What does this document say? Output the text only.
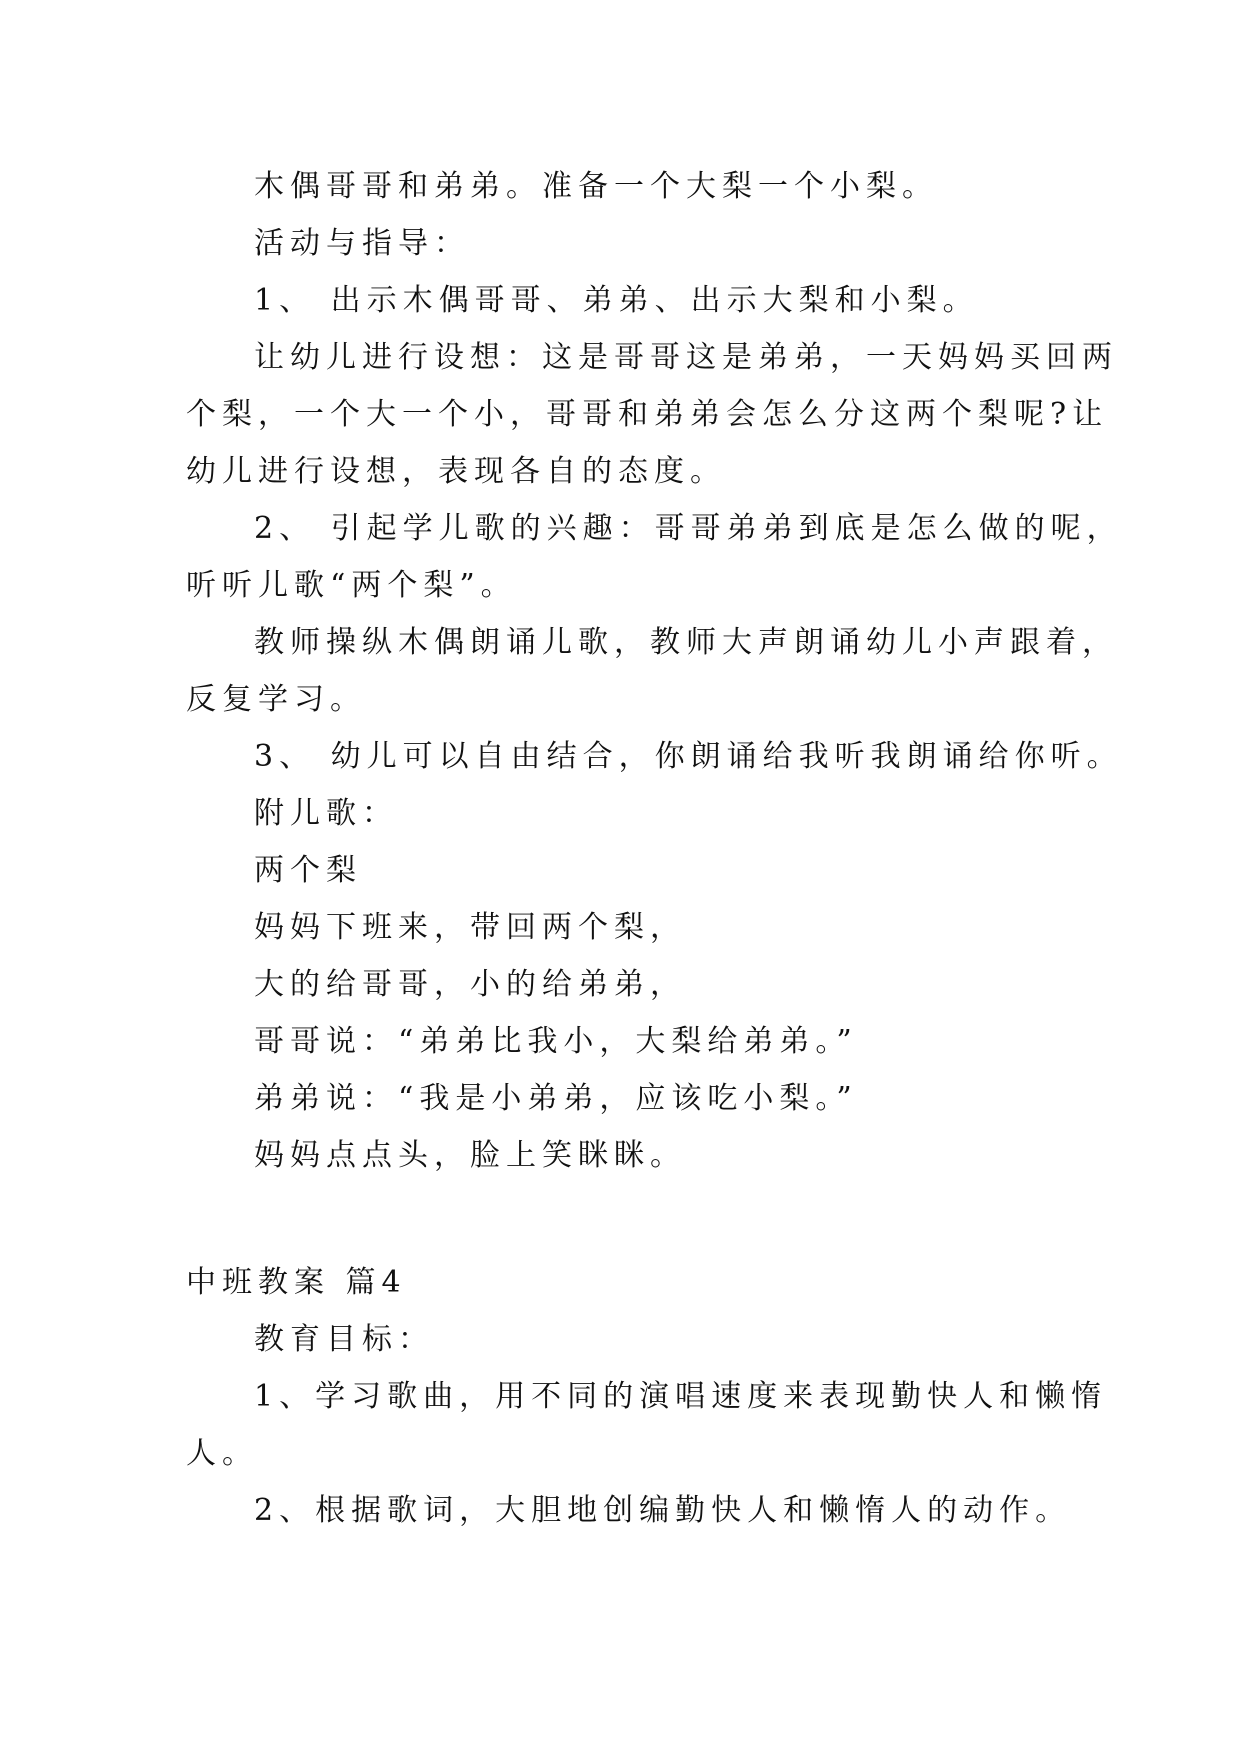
木偶哥哥和弟弟。准备一个大梨一个小梨。

活动与指导：

1、 出示木偶哥哥、弟弟、出示大梨和小梨。

让幼儿进行设想：这是哥哥这是弟弟，一天妈妈买回两

个梨，一个大一个小，哥哥和弟弟会怎么分这两个梨呢?让

幼儿进行设想，表现各自的态度。

2、 引起学儿歌的兴趣：哥哥弟弟到底是怎么做的呢，

听听儿歌“两个梨”。

教师操纵木偶朗诵儿歌，教师大声朗诵幼儿小声跟着，

反复学习。

3、 幼儿可以自由结合，你朗诵给我听我朗诵给你听。

附儿歌：

两个梨

妈妈下班来，带回两个梨，

大的给哥哥，小的给弟弟，

哥哥说：“弟弟比我小，大梨给弟弟。”

弟弟说：“我是小弟弟，应该吃小梨。”

妈妈点点头，脸上笑眯眯。

中班教案 篇4

教育目标：

1、学习歌曲，用不同的演唱速度来表现勤快人和懒惰

人。

2、根据歌词，大胆地创编勤快人和懒惰人的动作。
